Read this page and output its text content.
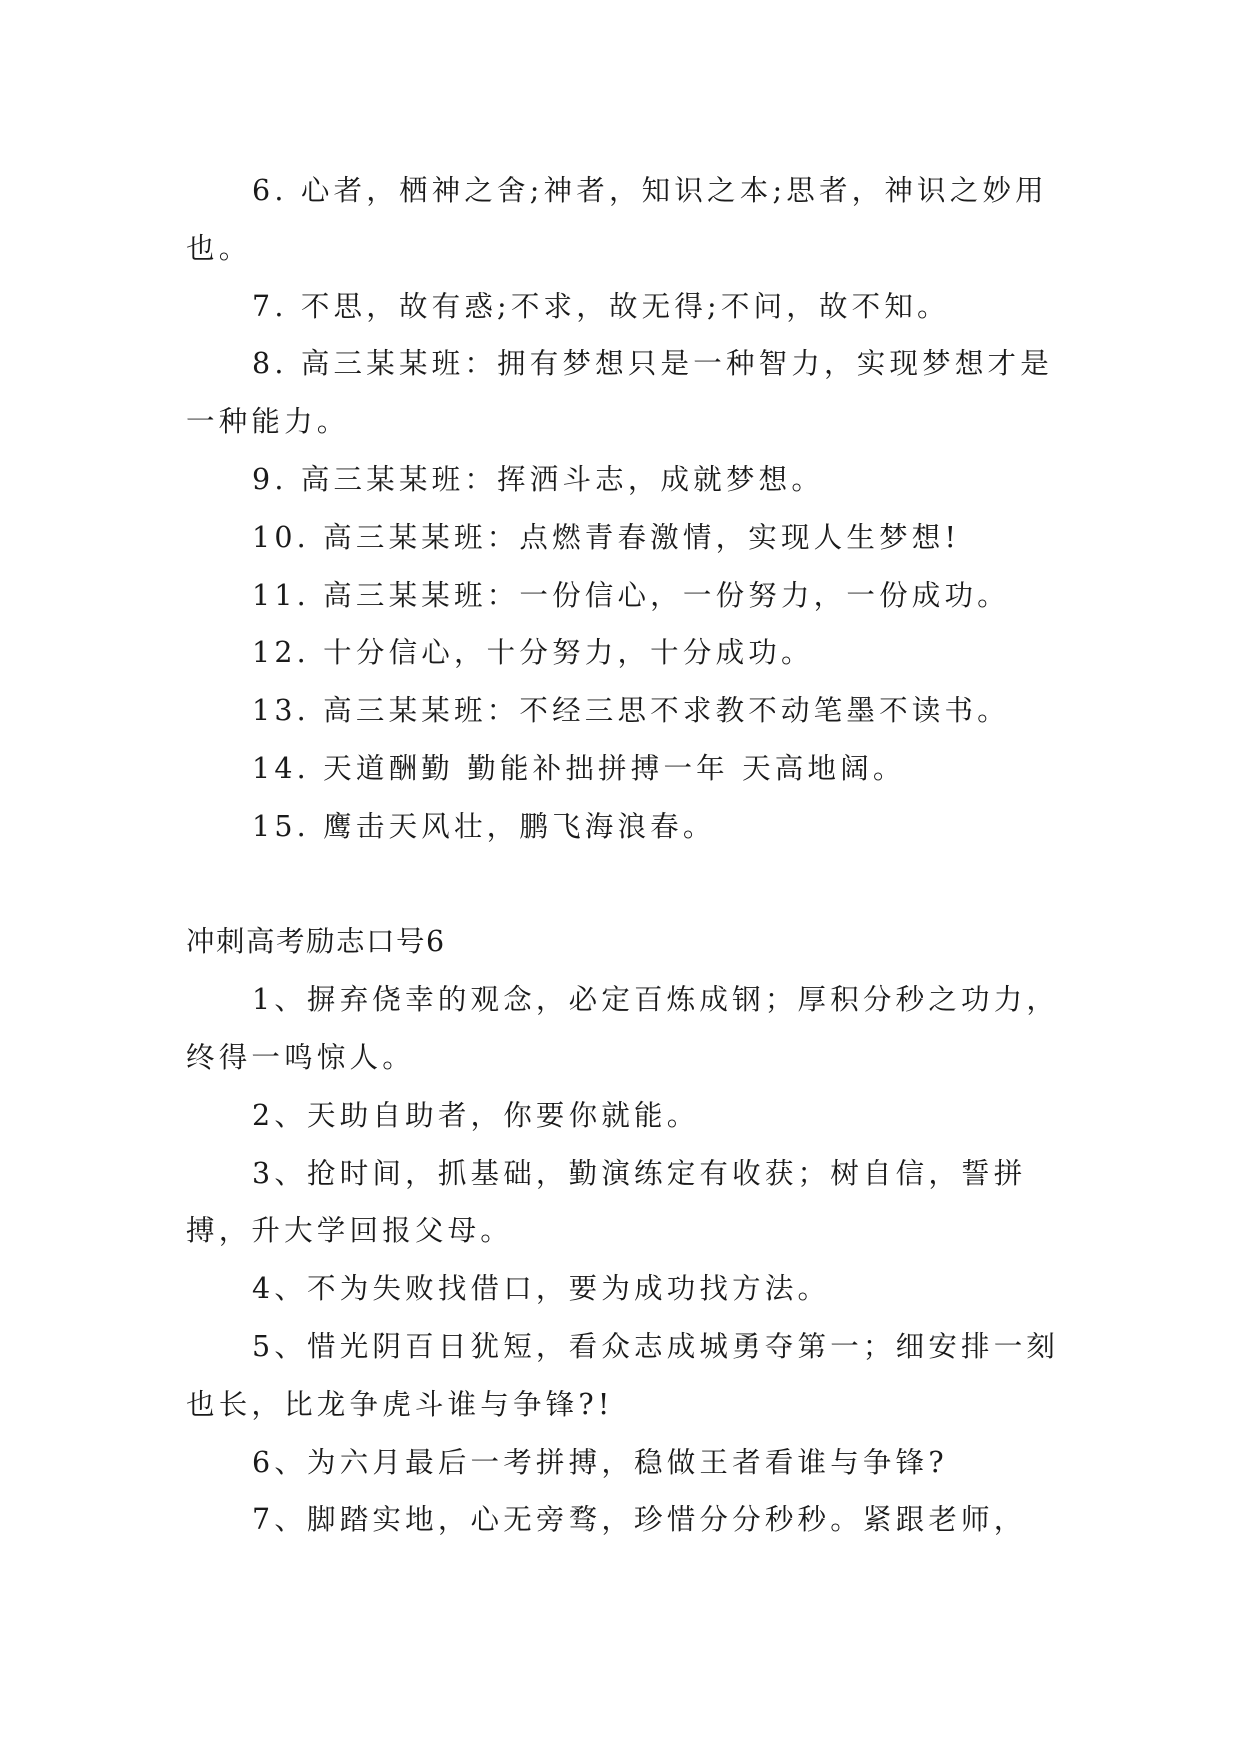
6. 心者，栖神之舍;神者，知识之本;思者，神识之妙用也。

7. 不思，故有惑;不求，故无得;不问，故不知。

8. 高三某某班：拥有梦想只是一种智力，实现梦想才是一种能力。

9. 高三某某班：挥洒斗志，成就梦想。

10. 高三某某班：点燃青春激情，实现人生梦想!

11. 高三某某班：一份信心，一份努力，一份成功。

12. 十分信心，十分努力，十分成功。

13. 高三某某班：不经三思不求教不动笔墨不读书。

14. 天道酬勤 勤能补拙拼搏一年 天高地阔。

15. 鹰击天风壮，鹏飞海浪春。

冲刺高考励志口号6

1、摒弃侥幸的观念，必定百炼成钢；厚积分秒之功力，终得一鸣惊人。

2、天助自助者，你要你就能。

3、抢时间，抓基础，勤演练定有收获；树自信，誓拼搏，升大学回报父母。

4、不为失败找借口，要为成功找方法。

5、惜光阴百日犹短，看众志成城勇夺第一；细安排一刻也长，比龙争虎斗谁与争锋?!

6、为六月最后一考拼搏，稳做王者看谁与争锋?

7、脚踏实地，心无旁骛，珍惜分分秒秒。紧跟老师，
